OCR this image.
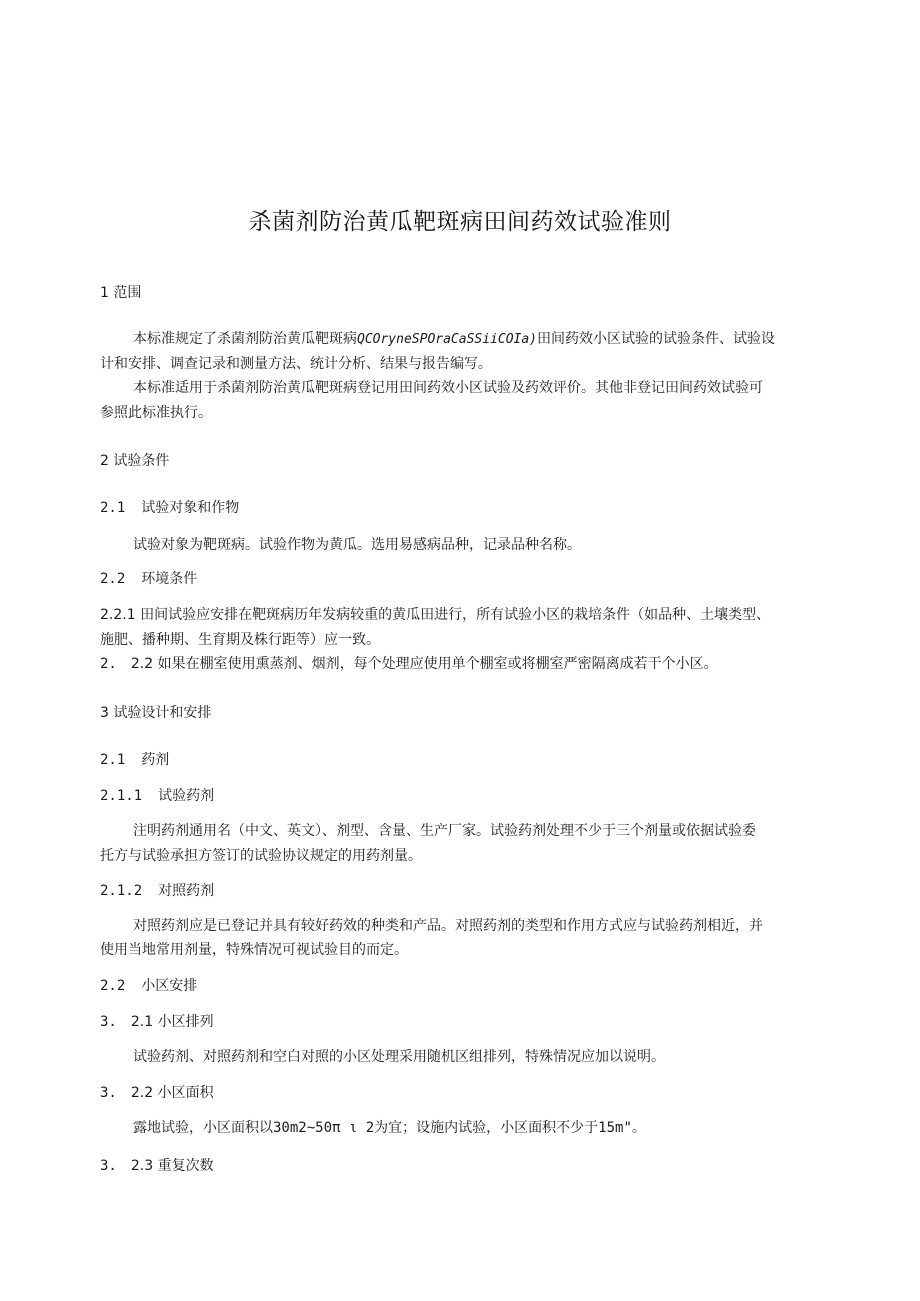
杀菌剂防治黄瓜靶斑病田间药效试验准则
1 范围
本标准规定了杀菌剂防治黄瓜靶斑病QCOryneSPOraCaSSiiCOIa)田间药效小区试验的试验条件、试验设
计和安排、调查记录和测量方法、统计分析、结果与报告编写。
本标准适用于杀菌剂防治黄瓜靶斑病登记用田间药效小区试验及药效评价。其他非登记田间药效试验可
参照此标准执行。
2 试验条件
2.1 试验对象和作物
试验对象为靶斑病。试验作物为黄瓜。选用易感病品种，记录品种名称。
2.2 环境条件
2.2.1 田间试验应安排在靶斑病历年发病较重的黄瓜田进行，所有试验小区的栽培条件（如品种、土壤类型、
施肥、播种期、生育期及株行距等）应一致。
2. 2.2 如果在棚室使用熏蒸剂、烟剂，每个处理应使用单个棚室或将棚室严密隔离成若干个小区。
3 试验设计和安排
2.1 药剂
2.1.1 试验药剂
注明药剂通用名（中文、英文）、剂型、含量、生产厂家。试验药剂处理不少于三个剂量或依据试验委
托方与试验承担方签订的试验协议规定的用药剂量。
2.1.2 对照药剂
对照药剂应是已登记并具有较好药效的种类和产品。对照药剂的类型和作用方式应与试验药剂相近，并
使用当地常用剂量，特殊情况可视试验目的而定。
2.2 小区安排
3. 2.1 小区排列
试验药剂、对照药剂和空白对照的小区处理采用随机区组排列，特殊情况应加以说明。
3. 2.2 小区面积
露地试验，小区面积以30m2~50π ι 2为宜；设施内试验，小区面积不少于15m"。
3. 2.3 重复次数
